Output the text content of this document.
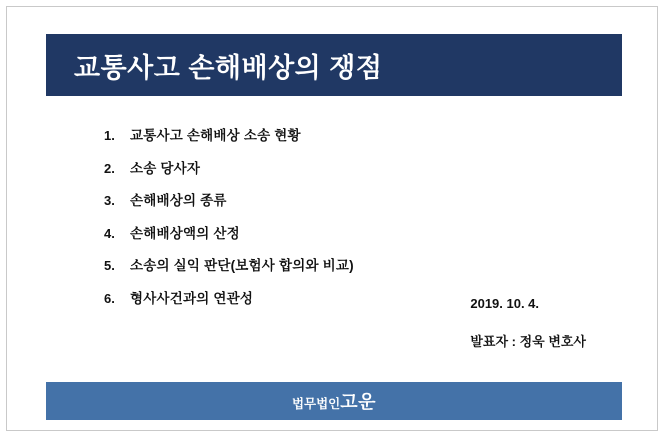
교통사고 손해배상의 쟁점
1.	교통사고 손해배상 소송 현황
2.	소송 당사자
3.	손해배상의 종류
4.	손해배상액의 산정
5.	소송의 실익 판단(보험사 합의와 비교)
6.	형사사건과의 연관성	2019. 10. 4.
발표자 : 정욱 변호사
법무법인고운
